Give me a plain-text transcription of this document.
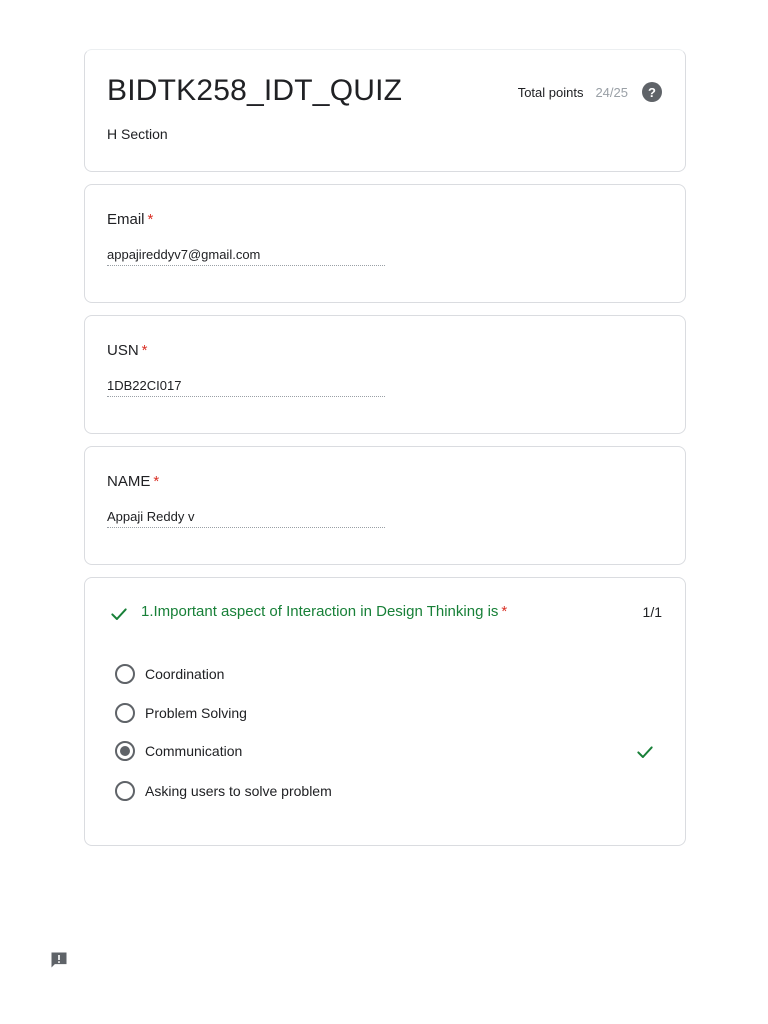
BIDTK258_IDT_QUIZ
H Section
Total points 24/25	?
Email *
appajireddyv7@gmail.com
USN *
1DB22CI017
NAME *
Appaji Reddy v
1.Important aspect of Interaction in Design Thinking is *	1/1
Coordination
Problem Solving
Communication
Asking users to solve problem
